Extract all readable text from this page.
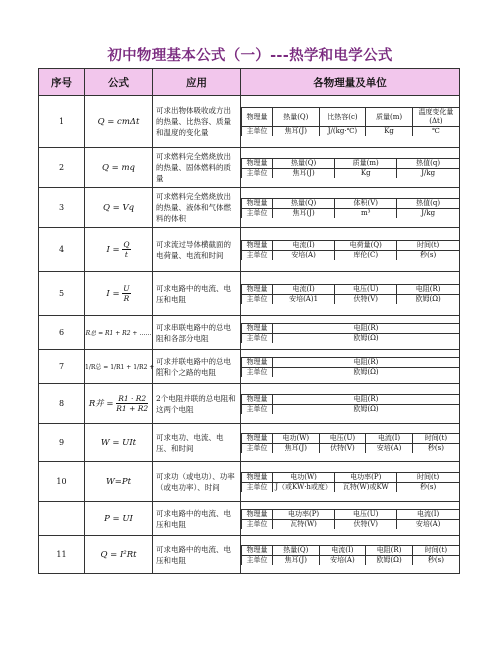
初中物理基本公式（一）---热学和电学公式
序号	公式	应用	各物理量及单位
1	Q = cmΔt	可求出物体吸收或方出的热量、比热容、质量和温度的变化量	
物理量	热量(Q)	比热容(c)	质量(m)	温度变化量(Δt)
主单位	焦耳(J)	J/(kg·℃)	Kg	℃

2	Q = mq	可求燃料完全燃烧放出的热量、固体燃料的质量	
物理量	热量(Q)	质量(m)	热值(q)
主单位	焦耳(J)	Kg	J/kg

3	Q = Vq	可求燃料完全燃烧放出的热量、液体和气体燃料的体积	
物理量	热量(Q)	体积(V)	热值(q)
主单位	焦耳(J)	m³	J/kg

4	$I = \frac{Q}{t}$	可求流过导体横截面的电荷量、电流和时间	
物理量	电流(I)	电荷量(Q)	时间(t)
主单位	安培(A)	库伦(C)	秒(s)

5	$I = \frac{U}{R}$	可求电路中的电流、电压和电阻	
物理量	电流(I)	电压(U)	电阻(R)
主单位	安培(A)1	伏特(V)	欧姆(Ω)

6	R总 = R1 + R2 + ……	可求串联电路中的总电阻和各部分电阻	
物理量	电阻(R)
主单位	欧姆(Ω)

7	1/R总 = 1/R1 + 1/R2 + ……	可求并联电路中的总电阻和个之路的电阻	
物理量	电阻(R)
主单位	欧姆(Ω)

8	R并 = $\frac{R1 \cdot R2}{R1 + R2}$	2个电阻并联的总电阻和这两个电阻	
物理量	电阻(R)
主单位	欧姆(Ω)

9	W = UIt	可求电功、电流、电压、和时间	
物理量	电功(W)	电压(U)	电流(I)	时间(t)
主单位	焦耳(J)	伏特(V)	安培(A)	秒(s)

10	W=Pt	可求功（或电功）、功率（或电功率）、时间	
物理量	电功(W)	电功率(P)	时间(t)
主单位	J（或KW·h或度）	瓦特(W)或KW	秒(s)

	P = UI	可求电路中的电流、电压和电阻	
物理量	电功率(P)	电压(U)	电流(I)
主单位	瓦特(W)	伏特(V)	安培(A)

11	Q = I²Rt	可求电路中的电流、电压和电阻	
物理量	热量(Q)	电流(I)	电阻(R)	时间(t)
主单位	焦耳(J)	安培(A)	欧姆(Ω)	秒(s)
